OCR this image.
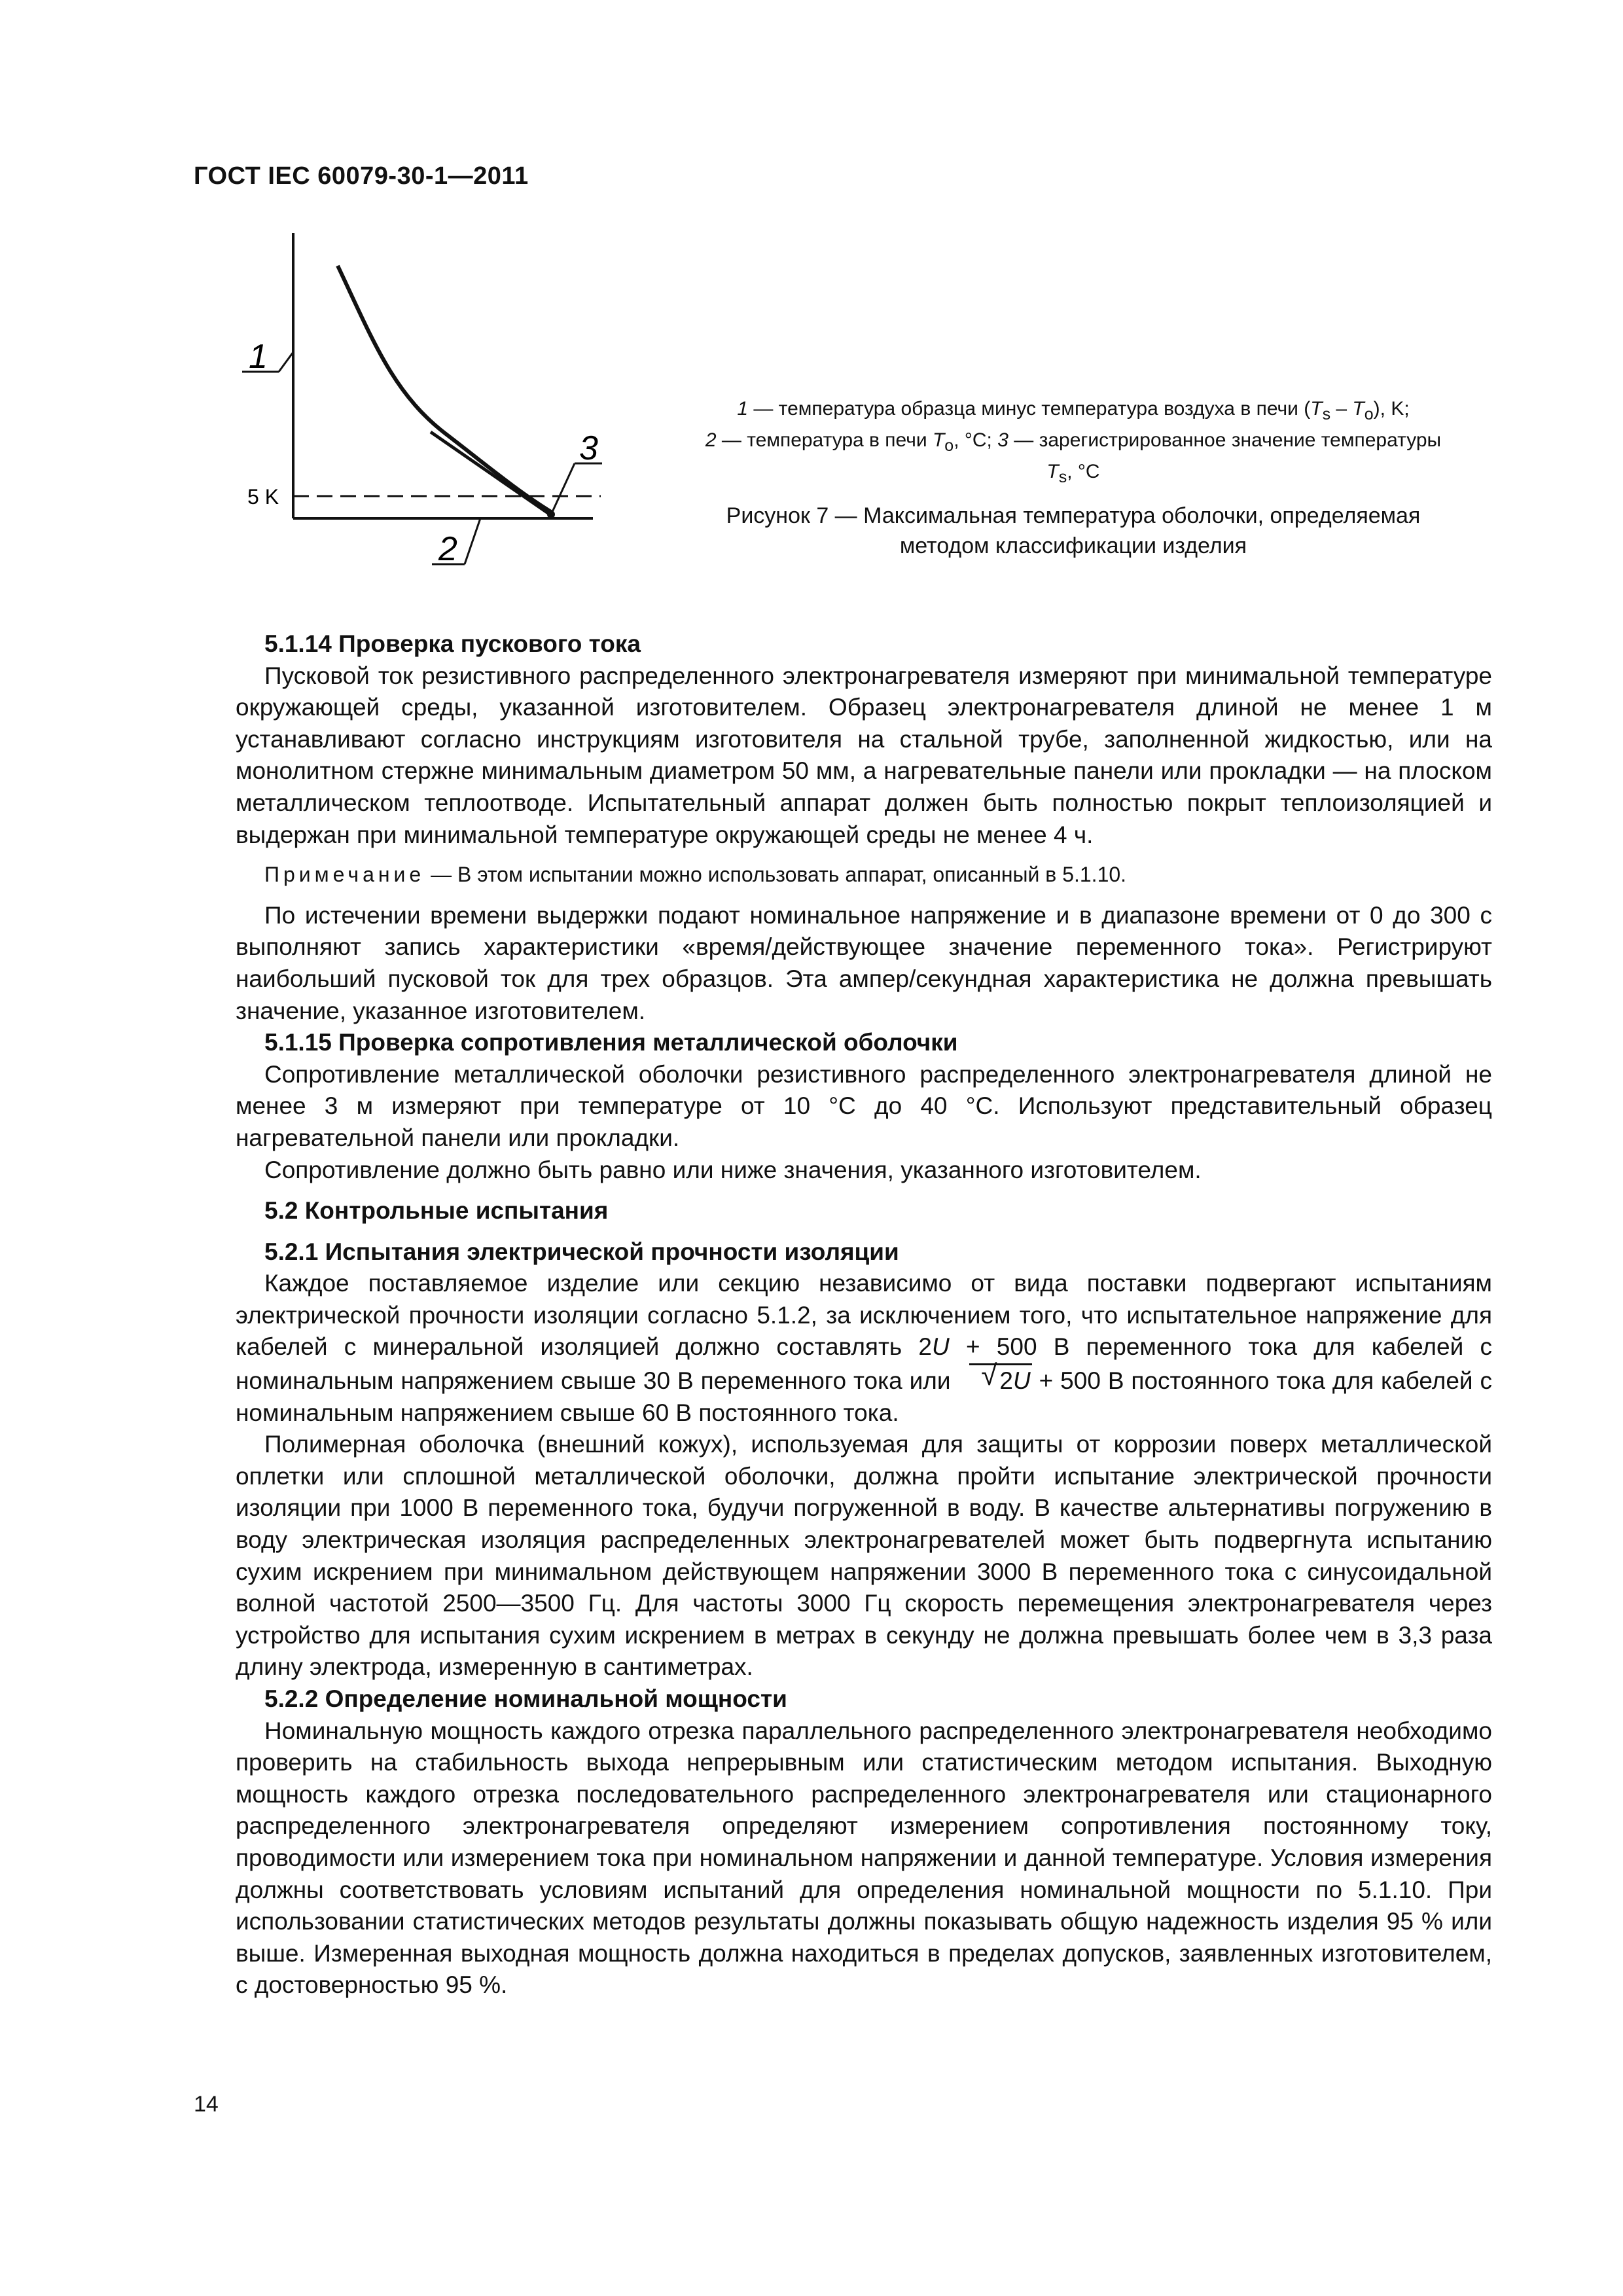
ГОСТ IEC 60079-30-1—2011
1
2
3
5 K
1 — температура образца минус температура воздуха в печи $(T_s - T_o)$, K;
2 — температура в печи $T_o$, °C; 3 — зарегистрированное значение температуры
$T_s$, °C
Рисунок 7 — Максимальная температура оболочки, определяемая
методом классификации изделия
5.1.14 Проверка пускового тока

Пусковой ток резистивного распределенного электронагревателя измеряют при минимальной температуре окружающей среды, указанной изготовителем. Образец электронагревателя длиной не менее 1 м устанавливают согласно инструкциям изготовителя на стальной трубе, заполненной жидкостью, или на монолитном стержне минимальным диаметром 50 мм, а нагревательные панели или прокладки — на плоском металлическом теплоотводе. Испытательный аппарат должен быть полностью покрыт теплоизоляцией и выдержан при минимальной температуре окружающей среды не менее 4 ч.

Примечание — В этом испытании можно использовать аппарат, описанный в 5.1.10.

По истечении времени выдержки подают номинальное напряжение и в диапазоне времени от 0 до 300 с выполняют запись характеристики «время/действующее значение переменного тока». Регистрируют наибольший пусковой ток для трех образцов. Эта ампер/секундная характеристика не должна превышать значение, указанное изготовителем.

5.1.15 Проверка сопротивления металлической оболочки

Сопротивление металлической оболочки резистивного распределенного электронагревателя длиной не менее 3 м измеряют при температуре от 10 °С до 40 °С. Используют представительный образец нагревательной панели или прокладки.

Сопротивление должно быть равно или ниже значения, указанного изготовителем.

5.2 Контрольные испытания
5.2.1 Испытания электрической прочности изоляции

Каждое поставляемое изделие или секцию независимо от вида поставки подвергают испытаниям электрической прочности изоляции согласно 5.1.2, за исключением того, что испытательное напряжение для кабелей с минеральной изоляцией должно составлять 2U + 500 В переменного тока для кабелей с номинальным напряжением свыше 30 В переменного тока или √ 2U + 500 В постоянного тока для кабелей с номинальным напряжением свыше 60 В постоянного тока.

Полимерная оболочка (внешний кожух), используемая для защиты от коррозии поверх металлической оплетки или сплошной металлической оболочки, должна пройти испытание электрической прочности изоляции при 1000 В переменного тока, будучи погруженной в воду. В качестве альтернативы погружению в воду электрическая изоляция распределенных электронагревателей может быть подвергнута испытанию сухим искрением при минимальном действующем напряжении 3000 В переменного тока с синусоидальной волной частотой 2500—3500 Гц. Для частоты 3000 Гц скорость перемещения электронагревателя через устройство для испытания сухим искрением в метрах в секунду не должна превышать более чем в 3,3 раза длину электрода, измеренную в сантиметрах.

5.2.2 Определение номинальной мощности

Номинальную мощность каждого отрезка параллельного распределенного электронагревателя необходимо проверить на стабильность выхода непрерывным или статистическим методом испытания. Выходную мощность каждого отрезка последовательного распределенного электронагревателя или стационарного распределенного электронагревателя определяют измерением сопротивления постоянному току, проводимости или измерением тока при номинальном напряжении и данной температуре. Условия измерения должны соответствовать условиям испытаний для определения номинальной мощности по 5.1.10. При использовании статистических методов результаты должны показывать общую надежность изделия 95 % или выше. Измеренная выходная мощность должна находиться в пределах допусков, заявленных изготовителем, с достоверностью 95 %.

14
